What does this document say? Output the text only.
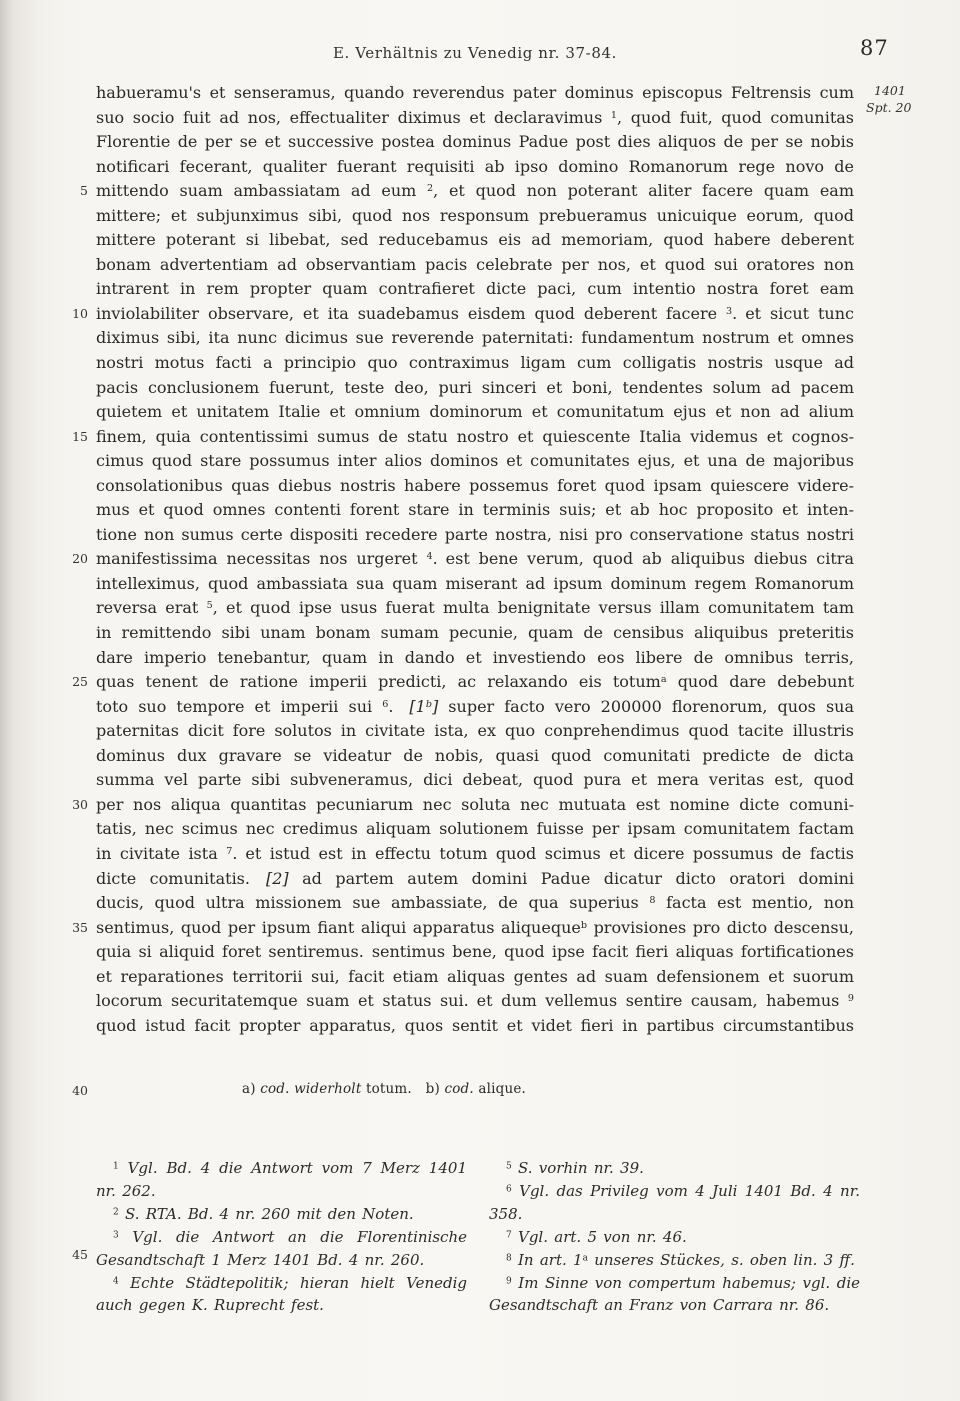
E. Verhältnis zu Venedig nr. 37-84.	87
1401
Spt. 20
habueramu's et senseramus, quando reverendus pater dominus episcopus Feltrensis cum
suo socio fuit ad nos, effectualiter diximus et declaravimus $^1$, quod fuit, quod comunitas
Florentie de per se et successive postea dominus Padue post dies aliquos de per se nobis
notificari fecerant, qualiter fuerant requisiti ab ipso domino Romanorum rege novo de
5 mittendo suam ambassiatam ad eum $^2$, et quod non poterant aliter facere quam eam
mittere; et subjunximus sibi, quod nos responsum prebueramus unicuique eorum, quod
mittere poterant si libebat, sed reducebamus eis ad memoriam, quod habere deberent
bonam advertentiam ad observantiam pacis celebrate per nos, et quod sui oratores non
intrarent in rem propter quam contrafieret dicte paci, cum intentio nostra foret eam
10 inviolabiliter observare, et ita suadebamus eisdem quod deberent facere $^3$. et sicut tunc
diximus sibi, ita nunc dicimus sue reverende paternitati: fundamentum nostrum et omnes
nostri motus facti a principio quo contraximus ligam cum colligatis nostris usque ad
pacis conclusionem fuerunt, teste deo, puri sinceri et boni, tendentes solum ad pacem
quietem et unitatem Italie et omnium dominorum et comunitatum ejus et non ad alium
15 finem, quia contentissimi sumus de statu nostro et quiescente Italia videmus et cognos-
cimus quod stare possumus inter alios dominos et comunitates ejus, et una de majoribus
consolationibus quas diebus nostris habere possemus foret quod ipsam quiescere videre-
mus et quod omnes contenti forent stare in terminis suis; et ab hoc proposito et inten-
tione non sumus certe dispositi recedere parte nostra, nisi pro conservatione status nostri
20 manifestissima necessitas nos urgeret $^4$. est bene verum, quod ab aliquibus diebus citra
intelleximus, quod ambassiata sua quam miserant ad ipsum dominum regem Romanorum
reversa erat $^5$, et quod ipse usus fuerat multa benignitate versus illam comunitatem tam
in remittendo sibi unam bonam sumam pecunie, quam de censibus aliquibus preteritis
dare imperio tenebantur, quam in dando et investiendo eos libere de omnibus terris,
25 quas tenent de ratione imperii predicti, ac relaxando eis totum$^a$ quod dare debebunt
toto suo tempore et imperii sui $^6$. [1$^b$] super facto vero 200000 florenorum, quos sua
paternitas dicit fore solutos in civitate ista, ex quo conprehendimus quod tacite illustris
dominus dux gravare se videatur de nobis, quasi quod comunitati predicte de dicta
summa vel parte sibi subveneramus, dici debeat, quod pura et mera veritas est, quod
30 per nos aliqua quantitas pecuniarum nec soluta nec mutuata est nomine dicte comuni-
tatis, nec scimus nec credimus aliquam solutionem fuisse per ipsam comunitatem factam
in civitate ista $^7$. et istud est in effectu totum quod scimus et dicere possumus de factis
dicte comunitatis. [2] ad partem autem domini Padue dicatur dicto oratori domini
ducis, quod ultra missionem sue ambassiate, de qua superius $^8$ facta est mentio, non
35 sentimus, quod per ipsum fiant aliqui apparatus aliqueque$^b$ provisiones pro dicto descensu,
quia si aliquid foret sentiremus. sentimus bene, quod ipse facit fieri aliquas fortificationes
et reparationes territorii sui, facit etiam aliquas gentes ad suam defensionem et suorum
locorum securitatemque suam et status sui. et dum vellemus sentire causam, habemus $^9$
quod istud facit propter apparatus, quos sentit et videt fieri in partibus circumstantibus
40	a) cod. widerholt totum. b) cod. alique.
45

$^1$ Vgl. Bd. 4 die Antwort vom 7 Merz 1401 nr. 262.

$^2$ S. RTA. Bd. 4 nr. 260 mit den Noten.

$^3$ Vgl. die Antwort an die Florentinische Gesandtschaft 1 Merz 1401 Bd. 4 nr. 260.

$^4$ Echte Städtepolitik; hieran hielt Venedig auch gegen K. Ruprecht fest.

$^5$ S. vorhin nr. 39.

$^6$ Vgl. das Privileg vom 4 Juli 1401 Bd. 4 nr. 358.

$^7$ Vgl. art. 5 von nr. 46.

$^8$ In art. 1$^a$ unseres Stückes, s. oben lin. 3 ff.

$^9$ Im Sinne von compertum habemus; vgl. die Gesandtschaft an Franz von Carrara nr. 86.
